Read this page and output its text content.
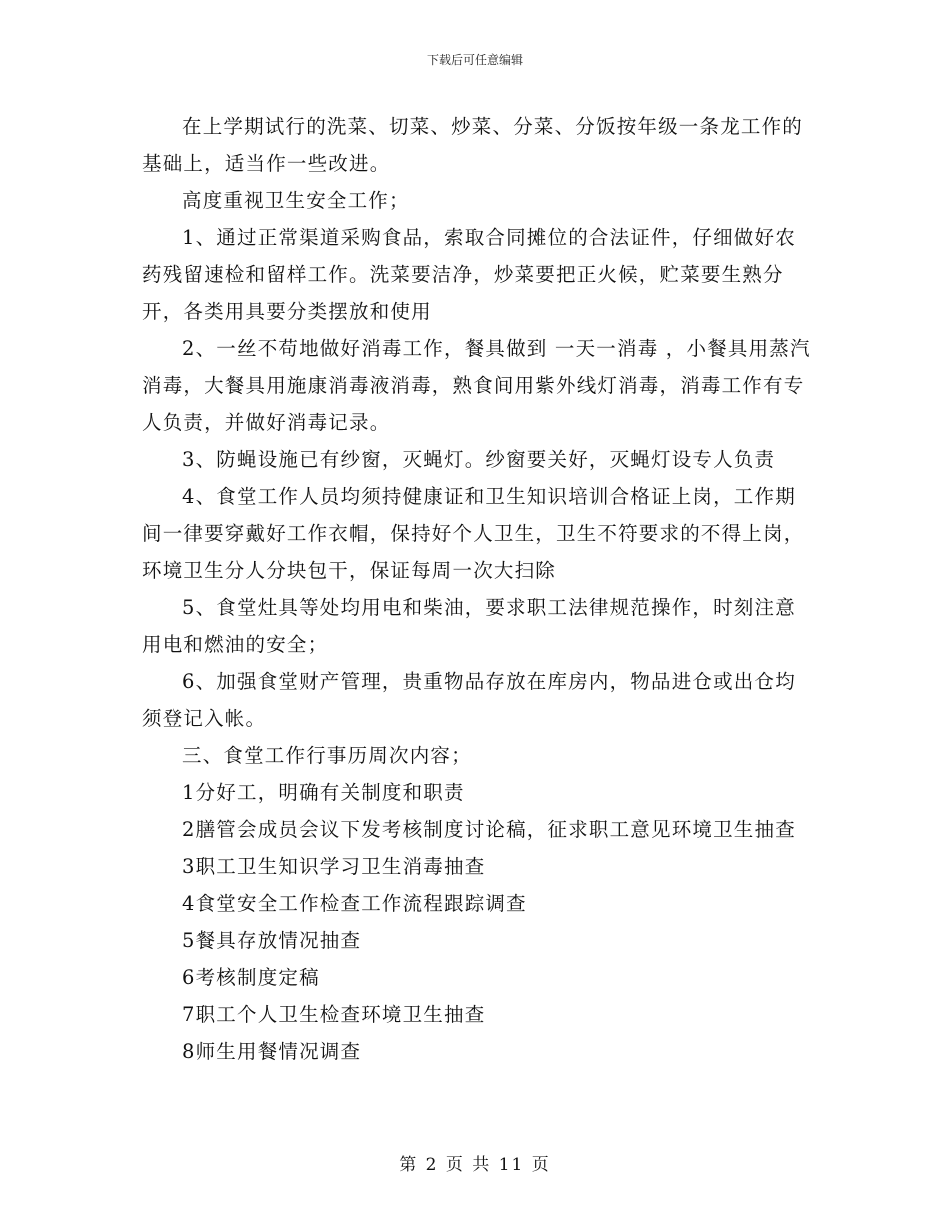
下载后可任意编辑

在上学期试行的洗菜、切菜、炒菜、分菜、分饭按年级一条龙工作的基础上，适当作一些改进。

高度重视卫生安全工作；

1、通过正常渠道采购食品，索取合同摊位的合法证件，仔细做好农药残留速检和留样工作。洗菜要洁净，炒菜要把正火候，贮菜要生熟分开，各类用具要分类摆放和使用

2、一丝不苟地做好消毒工作，餐具做到 一天一消毒 ，小餐具用蒸汽消毒，大餐具用施康消毒液消毒，熟食间用紫外线灯消毒，消毒工作有专人负责，并做好消毒记录。

3、防蝇设施已有纱窗，灭蝇灯。纱窗要关好，灭蝇灯设专人负责

4、食堂工作人员均须持健康证和卫生知识培训合格证上岗，工作期间一律要穿戴好工作衣帽，保持好个人卫生，卫生不符要求的不得上岗，环境卫生分人分块包干，保证每周一次大扫除

5、食堂灶具等处均用电和柴油，要求职工法律规范操作，时刻注意用电和燃油的安全；

6、加强食堂财产管理，贵重物品存放在库房内，物品进仓或出仓均须登记入帐。

三、食堂工作行事历周次内容；

1分好工，明确有关制度和职责

2膳管会成员会议下发考核制度讨论稿，征求职工意见环境卫生抽查

3职工卫生知识学习卫生消毒抽查

4食堂安全工作检查工作流程跟踪调查

5餐具存放情况抽查

6考核制度定稿

7职工个人卫生检查环境卫生抽查

8师生用餐情况调查

第 2 页 共 11 页
